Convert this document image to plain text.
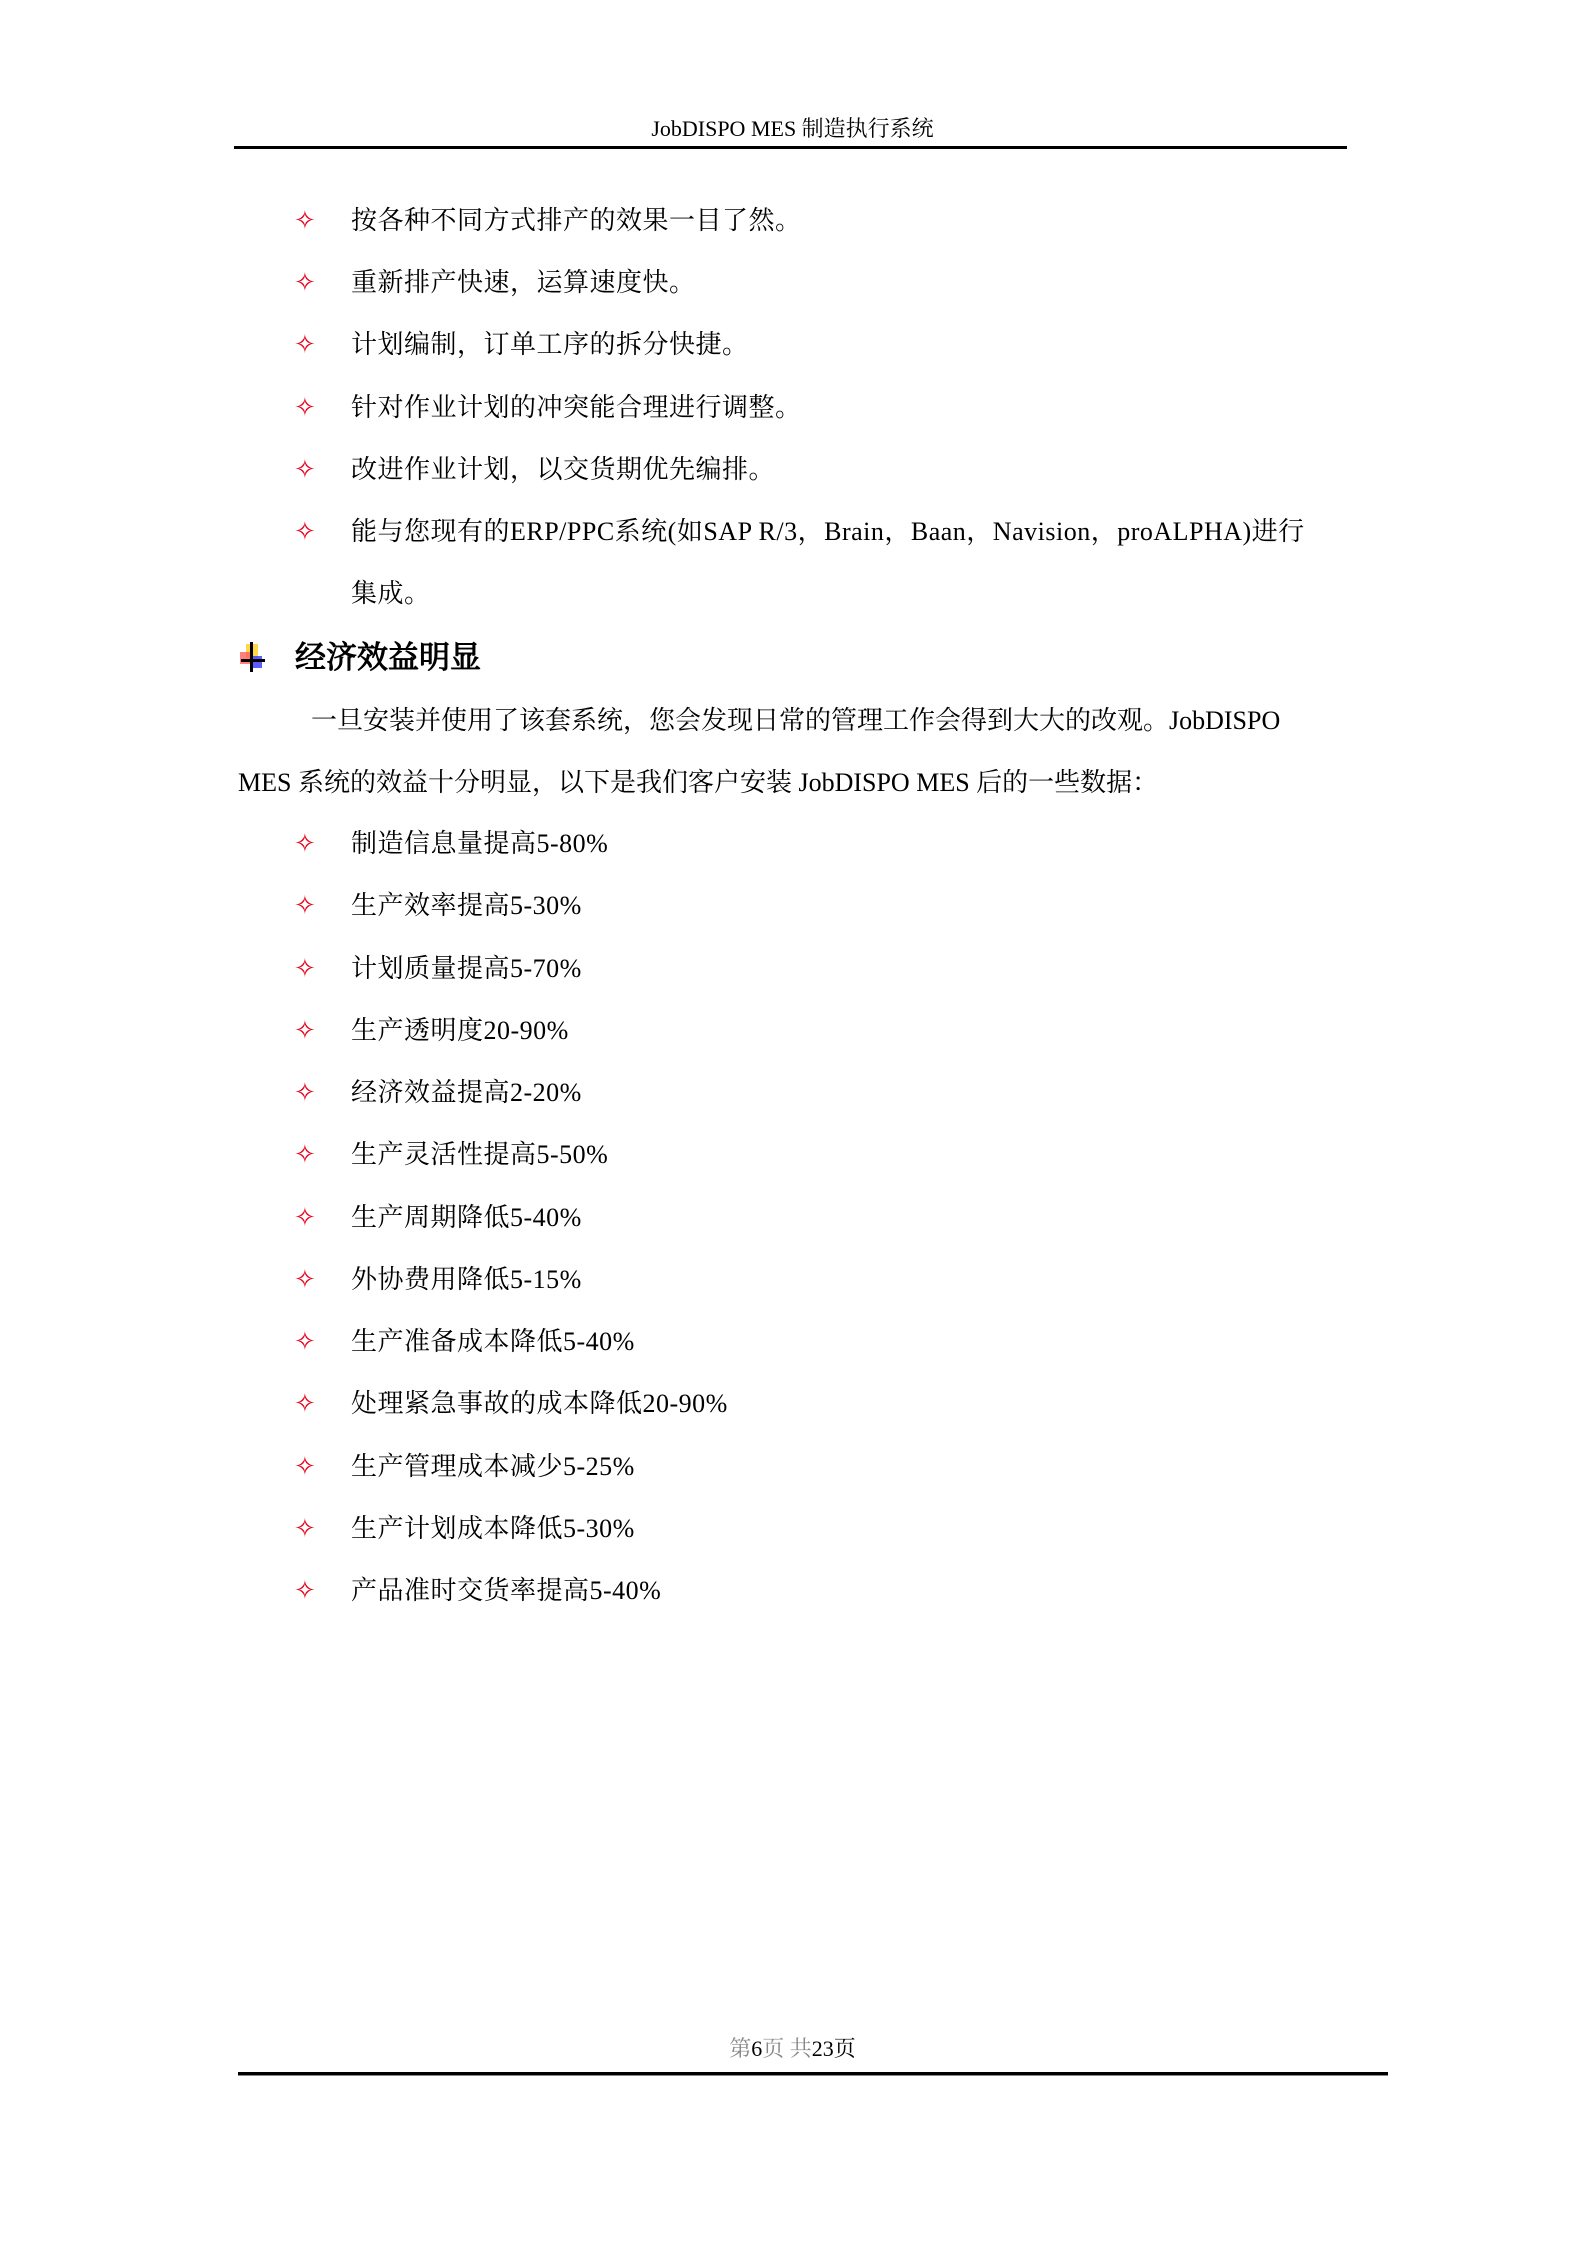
JobDISPO MES 制造执行系统
✧ 按各种不同方式排产的效果一目了然。
✧ 重新排产快速，运算速度快。
✧ 计划编制，订单工序的拆分快捷。
✧ 针对作业计划的冲突能合理进行调整。
✧ 改进作业计划，以交货期优先编排。
✧ 能与您现有的ERP/PPC系统(如SAP R/3，Brain，Baan，Navision，proALPHA)进行
集成。
经济效益明显
一旦安装并使用了该套系统，您会发现日常的管理工作会得到大大的改观。JobDISPO
MES 系统的效益十分明显，以下是我们客户安装 JobDISPO MES 后的一些数据：
✧ 制造信息量提高5-80%
✧ 生产效率提高5-30%
✧ 计划质量提高5-70%
✧ 生产透明度20-90%
✧ 经济效益提高2-20%
✧ 生产灵活性提高5-50%
✧ 生产周期降低5-40%
✧ 外协费用降低5-15%
✧ 生产准备成本降低5-40%
✧ 处理紧急事故的成本降低20-90%
✧ 生产管理成本减少5-25%
✧ 生产计划成本降低5-30%
✧ 产品准时交货率提高5-40%
第6页 共23页
